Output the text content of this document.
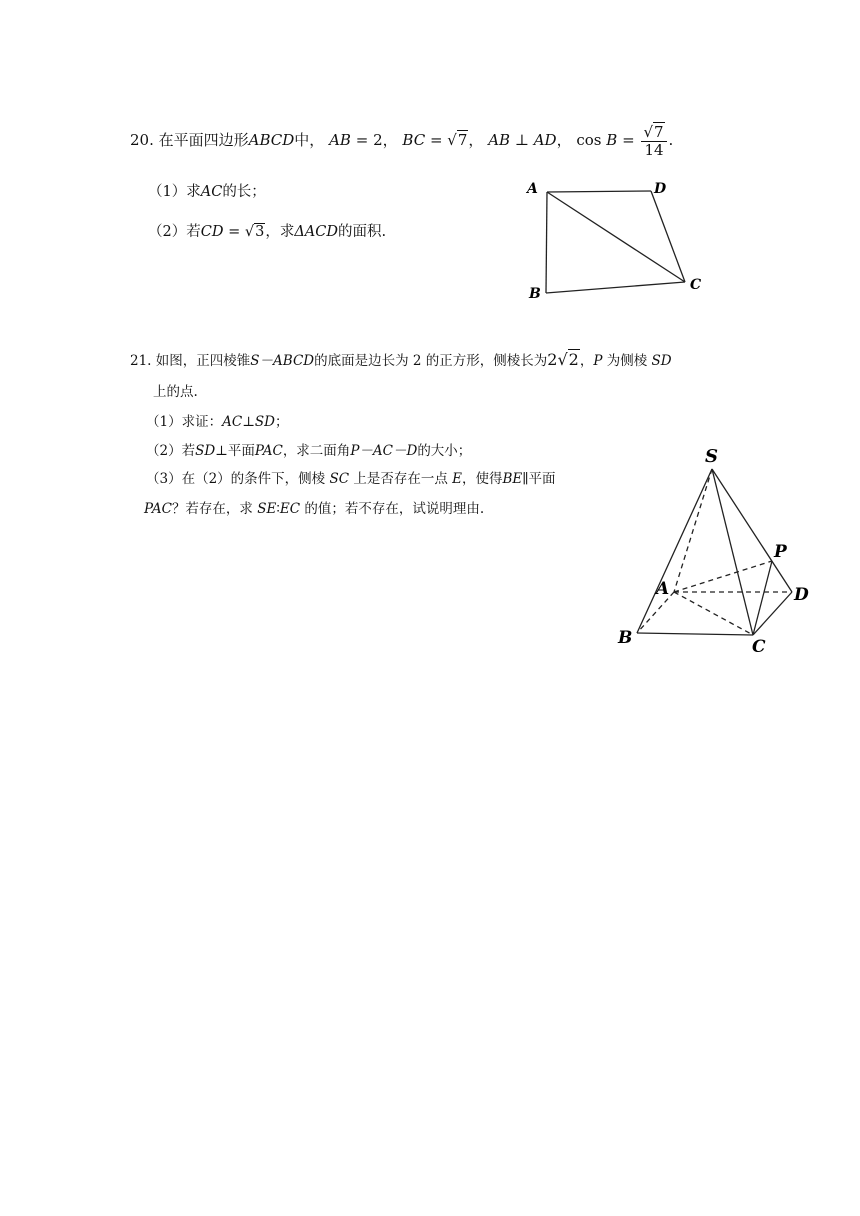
20. 在平面四边形ABCD中， AB = 2， BC = √7， AB ⊥ AD， $\cos B = \frac{√7}{14}$ .
（1）求AC的长；
（2）若CD = √3，求ΔACD的面积.
A	D
C
B
21. 如图，正四棱锥S－ABCD的底面是边长为 2 的正方形，侧棱长为2√2，P 为侧棱 SD
上的点.
（1）求证：AC⊥SD；
（2）若SD⊥平面PAC，求二面角P－AC－D的大小；
（3）在（2）的条件下，侧棱 SC 上是否存在一点 E，使得BE∥平面
PAC？若存在，求 SE∶EC 的值；若不存在，试说明理由.
S
P
A	D
B	C
